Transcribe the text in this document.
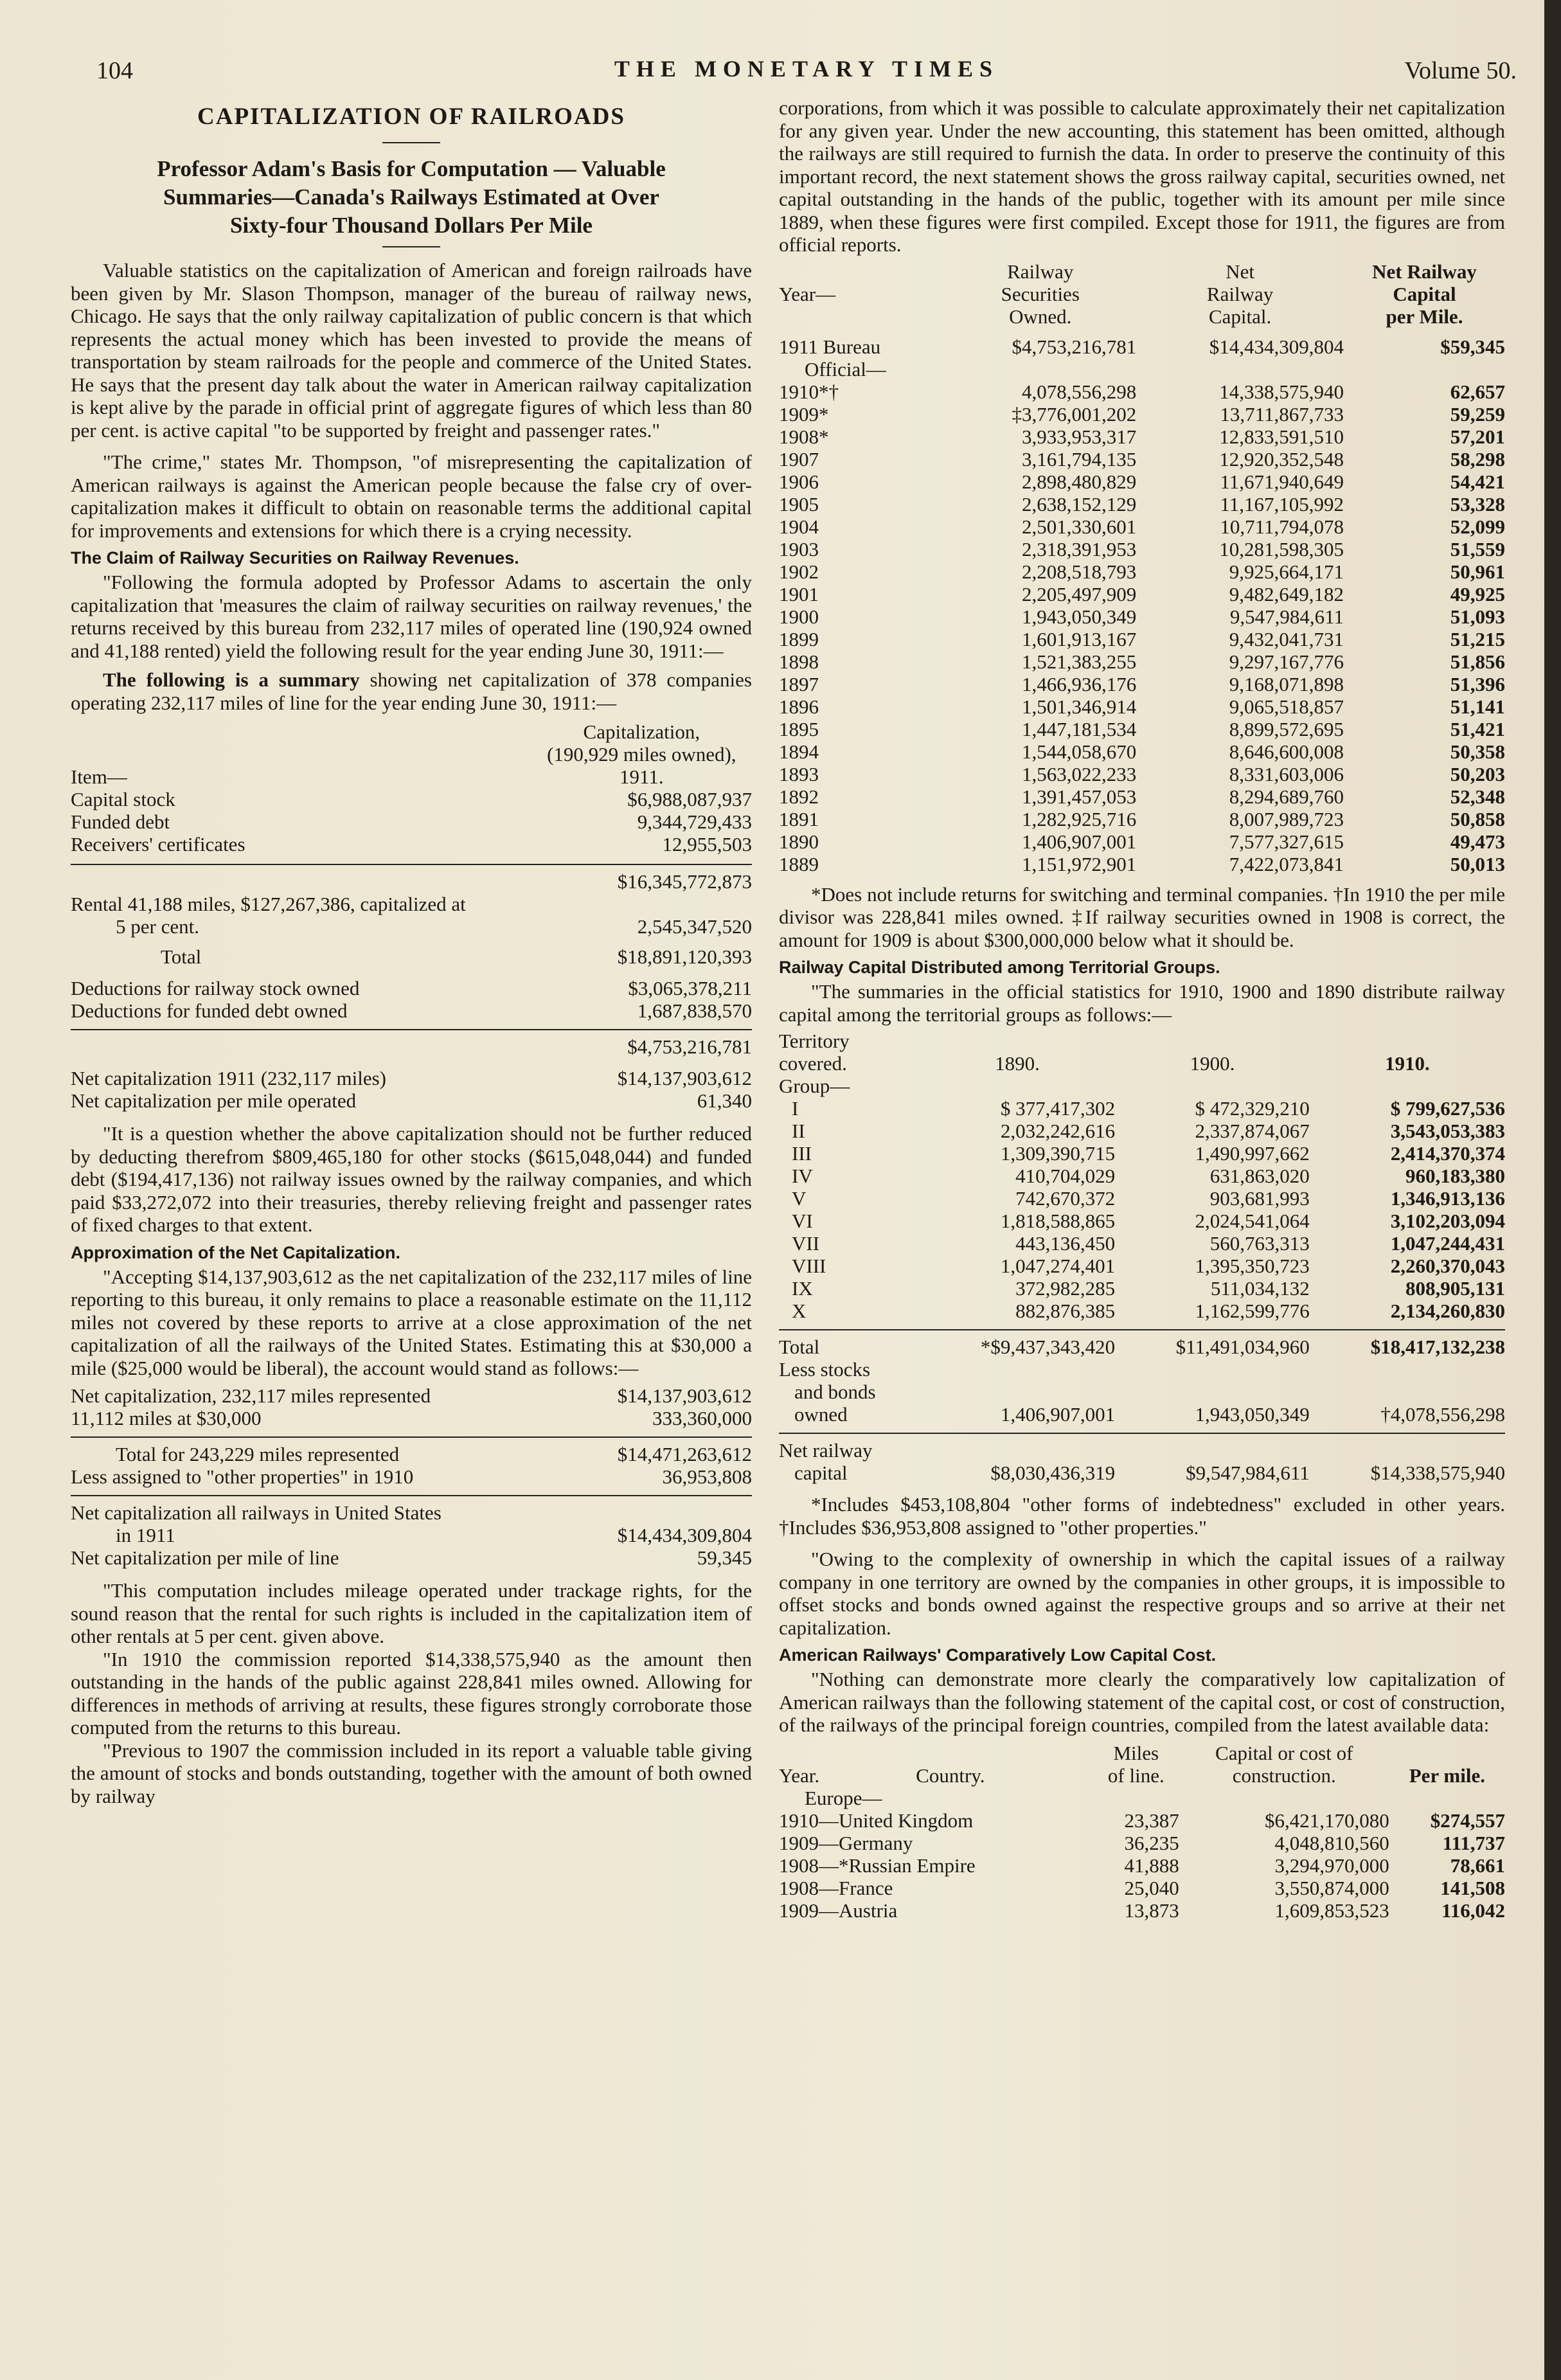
104	THE MONETARY TIMES	Volume 50.
CAPITALIZATION OF RAILROADS

Professor Adam's Basis for Computation — Valuable

Summaries—Canada's Railways Estimated at Over

Sixty-four Thousand Dollars Per Mile

Valuable statistics on the capitalization of American and foreign railroads have been given by Mr. Slason Thompson, manager of the bureau of railway news, Chicago. He says that the only railway capitalization of public concern is that which represents the actual money which has been invested to provide the means of transportation by steam railroads for the people and commerce of the United States. He says that the present day talk about the water in American railway capitalization is kept alive by the parade in official print of aggregate figures of which less than 80 per cent. is active capital "to be supported by freight and passenger rates."

"The crime," states Mr. Thompson, "of misrepresenting the capitalization of American railways is against the American people because the false cry of over-capitalization makes it difficult to obtain on reasonable terms the additional capital for improvements and extensions for which there is a crying necessity.

The Claim of Railway Securities on Railway Revenues.

"Following the formula adopted by Professor Adams to ascertain the only capitalization that 'measures the claim of railway securities on railway revenues,' the returns received by this bureau from 232,117 miles of operated line (190,924 owned and 41,188 rented) yield the following result for the year ending June 30, 1911:—

The following is a summary showing net capitalization of 378 companies operating 232,117 miles of line for the year ending June 30, 1911:—

	Capitalization,
	(190,929 miles owned),
Item—	1911.
Capital stock	$6,988,087,937
Funded debt	9,344,729,433
Receivers' certificates	12,955,503

	$16,345,772,873
Rental 41,188 miles, $127,267,386, capitalized at	
5 per cent.	2,545,347,520

Total	$18,891,120,393

Deductions for railway stock owned	$3,065,378,211
Deductions for funded debt owned	1,687,838,570

	$4,753,216,781

Net capitalization 1911 (232,117 miles)	$14,137,903,612
Net capitalization per mile operated	61,340

"It is a question whether the above capitalization should not be further reduced by deducting therefrom $809,465,180 for other stocks ($615,048,044) and funded debt ($194,417,136) not railway issues owned by the railway companies, and which paid $33,272,072 into their treasuries, thereby relieving freight and passenger rates of fixed charges to that extent.

Approximation of the Net Capitalization.

"Accepting $14,137,903,612 as the net capitalization of the 232,117 miles of line reporting to this bureau, it only remains to place a reasonable estimate on the 11,112 miles not covered by these reports to arrive at a close approximation of the net capitalization of all the railways of the United States. Estimating this at $30,000 a mile ($25,000 would be liberal), the account would stand as follows:—

Net capitalization, 232,117 miles represented	$14,137,903,612
11,112 miles at $30,000	333,360,000

Total for 243,229 miles represented	$14,471,263,612
Less assigned to "other properties" in 1910	36,953,808

Net capitalization all railways in United States	
in 1911	$14,434,309,804
Net capitalization per mile of line	59,345

"This computation includes mileage operated under trackage rights, for the sound reason that the rental for such rights is included in the capitalization item of other rentals at 5 per cent. given above.

"In 1910 the commission reported $14,338,575,940 as the amount then outstanding in the hands of the public against 228,841 miles owned. Allowing for differences in methods of arriving at results, these figures strongly corroborate those computed from the returns to this bureau.

"Previous to 1907 the commission included in its report a valuable table giving the amount of stocks and bonds outstanding, together with the amount of both owned by railway

corporations, from which it was possible to calculate approximately their net capitalization for any given year. Under the new accounting, this statement has been omitted, although the railways are still required to furnish the data. In order to preserve the continuity of this important record, the next statement shows the gross railway capital, securities owned, net capital outstanding in the hands of the public, together with its amount per mile since 1889, when these figures were first compiled. Except those for 1911, the figures are from official reports.

	Railway	Net	Net Railway
Year—	Securities	Railway	Capital
	Owned.	Capital.	per Mile.

1911 Bureau	$4,753,216,781	$14,434,309,804	$59,345
Official—			
1910*†	4,078,556,298	14,338,575,940	62,657
1909*	‡3,776,001,202	13,711,867,733	59,259
1908*	3,933,953,317	12,833,591,510	57,201
1907	3,161,794,135	12,920,352,548	58,298
1906	2,898,480,829	11,671,940,649	54,421
1905	2,638,152,129	11,167,105,992	53,328
1904	2,501,330,601	10,711,794,078	52,099
1903	2,318,391,953	10,281,598,305	51,559
1902	2,208,518,793	9,925,664,171	50,961
1901	2,205,497,909	9,482,649,182	49,925
1900	1,943,050,349	9,547,984,611	51,093
1899	1,601,913,167	9,432,041,731	51,215
1898	1,521,383,255	9,297,167,776	51,856
1897	1,466,936,176	9,168,071,898	51,396
1896	1,501,346,914	9,065,518,857	51,141
1895	1,447,181,534	8,899,572,695	51,421
1894	1,544,058,670	8,646,600,008	50,358
1893	1,563,022,233	8,331,603,006	50,203
1892	1,391,457,053	8,294,689,760	52,348
1891	1,282,925,716	8,007,989,723	50,858
1890	1,406,907,001	7,577,327,615	49,473
1889	1,151,972,901	7,422,073,841	50,013

*Does not include returns for switching and terminal companies. †In 1910 the per mile divisor was 228,841 miles owned. ‡If railway securities owned in 1908 is correct, the amount for 1909 is about $300,000,000 below what it should be.

Railway Capital Distributed among Territorial Groups.

"The summaries in the official statistics for 1910, 1900 and 1890 distribute railway capital among the territorial groups as follows:—

Territory			
covered.	1890.	1900.	1910.
Group—			
I	$ 377,417,302	$ 472,329,210	$ 799,627,536
II	2,032,242,616	2,337,874,067	3,543,053,383
III	1,309,390,715	1,490,997,662	2,414,370,374
IV	410,704,029	631,863,020	960,183,380
V	742,670,372	903,681,993	1,346,913,136
VI	1,818,588,865	2,024,541,064	3,102,203,094
VII	443,136,450	560,763,313	1,047,244,431
VIII	1,047,274,401	1,395,350,723	2,260,370,043
IX	372,982,285	511,034,132	808,905,131
X	882,876,385	1,162,599,776	2,134,260,830

Total	*$9,437,343,420	$11,491,034,960	$18,417,132,238
Less stocks			
and bonds			
owned	1,406,907,001	1,943,050,349	†4,078,556,298

Net railway			
capital	$8,030,436,319	$9,547,984,611	$14,338,575,940

*Includes $453,108,804 "other forms of indebtedness" excluded in other years. †Includes $36,953,808 assigned to "other properties."

"Owing to the complexity of ownership in which the capital issues of a railway company in one territory are owned by the companies in other groups, it is impossible to offset stocks and bonds owned against the respective groups and so arrive at their net capitalization.

American Railways' Comparatively Low Capital Cost.

"Nothing can demonstrate more clearly the comparatively low capitalization of American railways than the following statement of the capital cost, or cost of construction, of the railways of the principal foreign countries, compiled from the latest available data:

	Miles	Capital or cost of	
Year. Country.	of line.	construction.	Per mile.
Europe—			
1910—United Kingdom	23,387	$6,421,170,080	$274,557
1909—Germany	36,235	4,048,810,560	111,737
1908—*Russian Empire	41,888	3,294,970,000	78,661
1908—France	25,040	3,550,874,000	141,508
1909—Austria	13,873	1,609,853,523	116,042
